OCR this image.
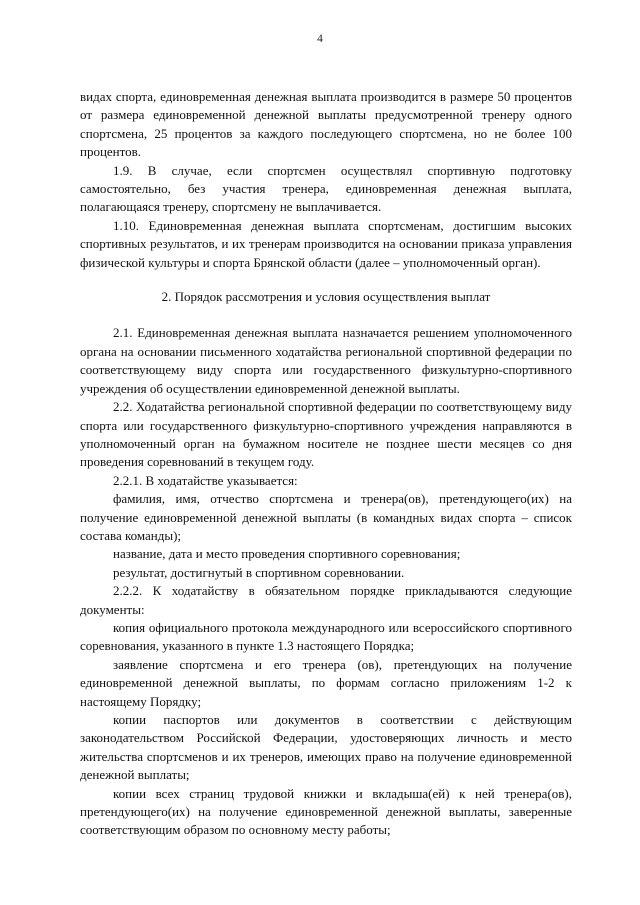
4

видах спорта, единовременная денежная выплата производится в размере 50 процентов от размера единовременной денежной выплаты предусмотренной тренеру одного спортсмена, 25 процентов за каждого последующего спортсмена, но не более 100 процентов.

1.9. В случае, если спортсмен осуществлял спортивную подготовку самостоятельно, без участия тренера, единовременная денежная выплата, полагающаяся тренеру, спортсмену не выплачивается.

1.10. Единовременная денежная выплата спортсменам, достигшим высоких спортивных результатов, и их тренерам производится на основании приказа управления физической культуры и спорта Брянской области (далее – уполномоченный орган).

2. Порядок рассмотрения и условия осуществления выплат

2.1. Единовременная денежная выплата назначается решением уполномоченного органа на основании письменного ходатайства региональной спортивной федерации по соответствующему виду спорта или государственного физкультурно-спортивного учреждения об осуществлении единовременной денежной выплаты.

2.2. Ходатайства региональной спортивной федерации по соответствующему виду спорта или государственного физкультурно-спортивного учреждения направляются в уполномоченный орган на бумажном носителе не позднее шести месяцев со дня проведения соревнований в текущем году.

2.2.1. В ходатайстве указывается:

фамилия, имя, отчество спортсмена и тренера(ов), претендующего(их) на получение единовременной денежной выплаты (в командных видах спорта – список состава команды);

название, дата и место проведения спортивного соревнования;

результат, достигнутый в спортивном соревновании.

2.2.2. К ходатайству в обязательном порядке прикладываются следующие документы:

копия официального протокола международного или всероссийского спортивного соревнования, указанного в пункте 1.3 настоящего Порядка;

заявление спортсмена и его тренера (ов), претендующих на получение единовременной денежной выплаты, по формам согласно приложениям 1-2 к настоящему Порядку;

копии паспортов или документов в соответствии с действующим законодательством Российской Федерации, удостоверяющих личность и место жительства спортсменов и их тренеров, имеющих право на получение единовременной денежной выплаты;

копии всех страниц трудовой книжки и вкладыша(ей) к ней тренера(ов), претендующего(их) на получение единовременной денежной выплаты, заверенные соответствующим образом по основному месту работы;
